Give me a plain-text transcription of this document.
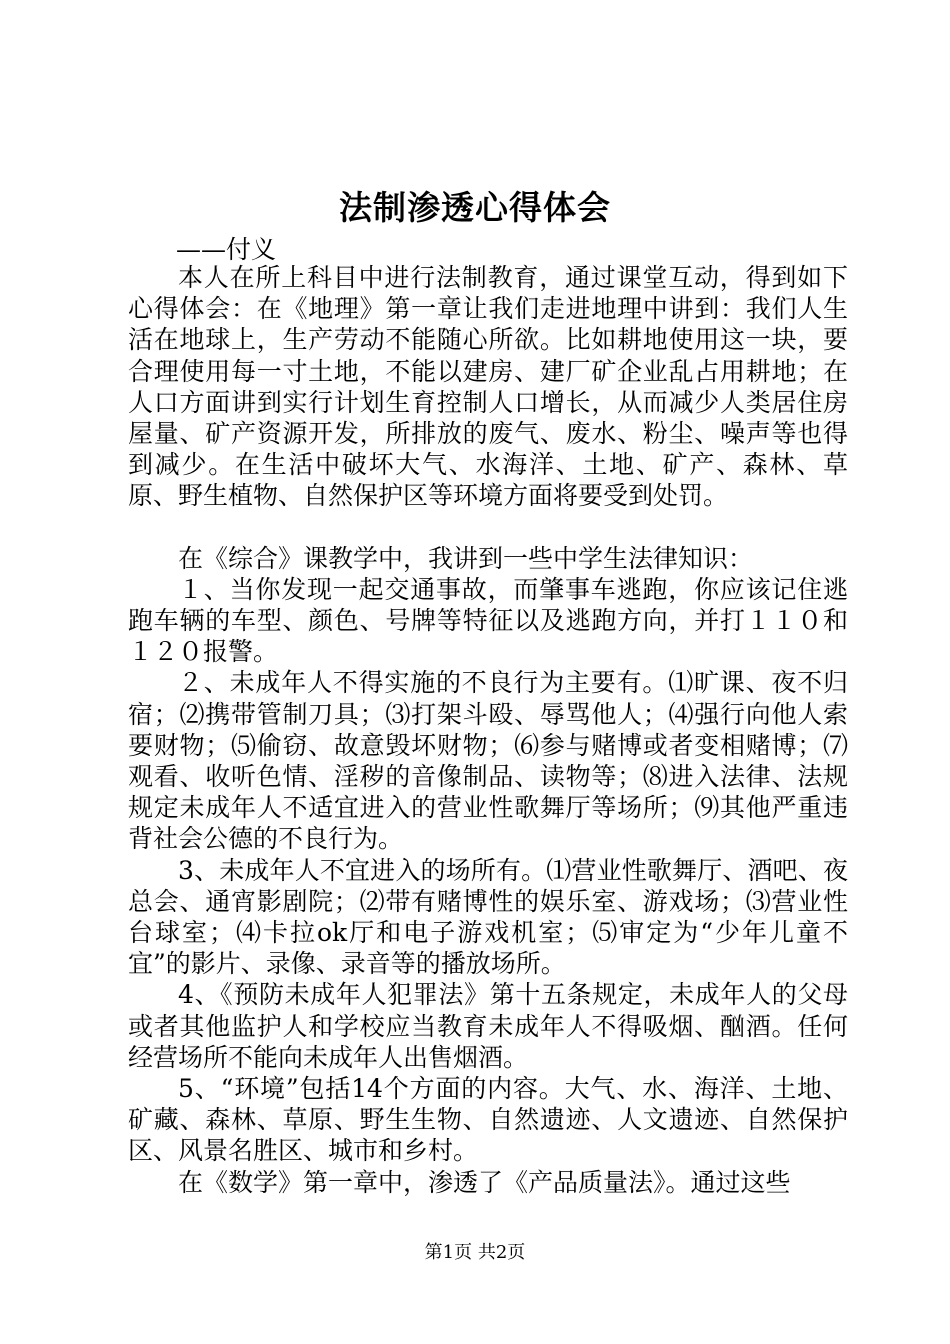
法制渗透心得体会
——付义

本人在所上科目中进行法制教育，通过课堂互动，得到如下心得体会：在《地理》第一章让我们走进地理中讲到：我们人生活在地球上，生产劳动不能随心所欲。比如耕地使用这一块，要合理使用每一寸土地，不能以建房、建厂矿企业乱占用耕地；在人口方面讲到实行计划生育控制人口增长，从而减少人类居住房屋量、矿产资源开发，所排放的废气、废水、粉尘、噪声等也得到减少。在生活中破坏大气、水海洋、土地、矿产、森林、草原、野生植物、自然保护区等环境方面将要受到处罚。

在《综合》课教学中，我讲到一些中学生法律知识：

１、当你发现一起交通事故，而肇事车逃跑，你应该记住逃跑车辆的车型、颜色、号牌等特征以及逃跑方向，并打１１０和１２０报警。

２、未成年人不得实施的不良行为主要有。⑴旷课、夜不归宿；⑵携带管制刀具；⑶打架斗殴、辱骂他人；⑷强行向他人索要财物；⑸偷窃、故意毁坏财物；⑹参与赌博或者变相赌博；⑺观看、收听色情、淫秽的音像制品、读物等；⑻进入法律、法规规定未成年人不适宜进入的营业性歌舞厅等场所；⑼其他严重违背社会公德的不良行为。

3、未成年人不宜进入的场所有。⑴营业性歌舞厅、酒吧、夜总会、通宵影剧院；⑵带有赌博性的娱乐室、游戏场；⑶营业性台球室；⑷卡拉ok厅和电子游戏机室；⑸审定为“少年儿童不宜”的影片、录像、录音等的播放场所。

4、《预防未成年人犯罪法》第十五条规定，未成年人的父母或者其他监护人和学校应当教育未成年人不得吸烟、酗酒。任何经营场所不能向未成年人出售烟酒。

5、“环境”包括14个方面的内容。大气、水、海洋、土地、矿藏、森林、草原、野生生物、自然遗迹、人文遗迹、自然保护区、风景名胜区、城市和乡村。

在《数学》第一章中，渗透了《产品质量法》。通过这些

第1页 共2页
